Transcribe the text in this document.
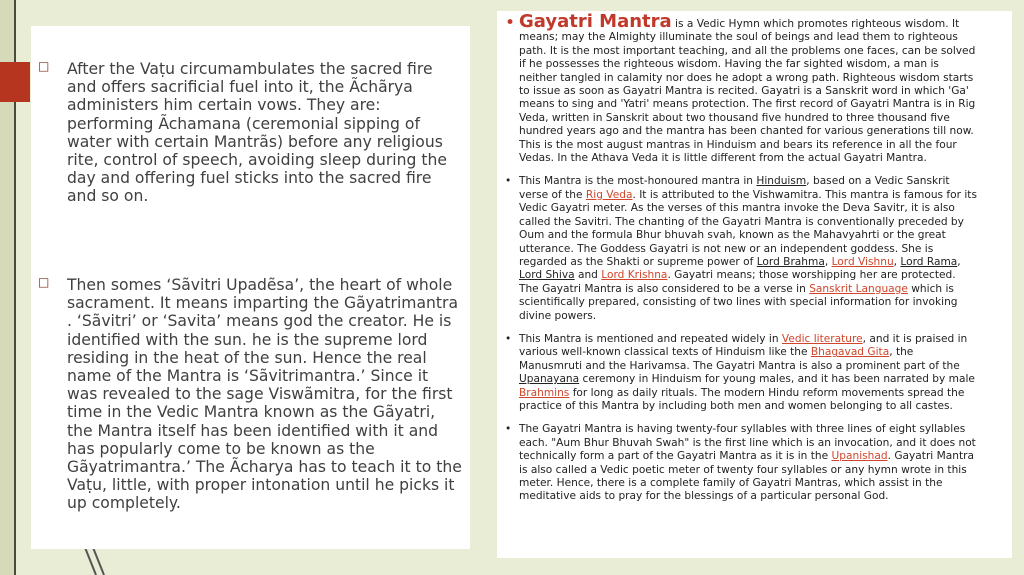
□ After the Vaṭu circumambulates the sacred fire and offers sacrificial fuel into it, the Ãchãrya administers him certain vows. They are: performing Ãchamana (ceremonial sipping of water with certain Mantrãs) before any religious rite, control of speech, avoiding sleep during the day and offering fuel sticks into the sacred fire and so on.
□ Then somes ‘Sãvitri Upadẽsa’, the heart of whole sacrament. It means imparting the Gãyatrimantra . ‘Sãvitri’ or ‘Savita’ means god the creator. He is identified with the sun. he is the supreme lord residing in the heat of the sun. Hence the real name of the Mantra is ‘Sãvitrimantra.’ Since it was revealed to the sage Viswãmitra, for the first time in the Vedic Mantra known as the Gãyatri, the Mantra itself has been identified with it and has popularly come to be known as the Gãyatrimantra.’ The Ãcharya has to teach it to the Vaṭu, little, with proper intonation until he picks it up completely.
• Gayatri Mantra is a Vedic Hymn which promotes righteous wisdom. It means; may the Almighty illuminate the soul of beings and lead them to righteous path. It is the most important teaching, and all the problems one faces, can be solved if he possesses the righteous wisdom. Having the far sighted wisdom, a man is neither tangled in calamity nor does he adopt a wrong path. Righteous wisdom starts to issue as soon as Gayatri Mantra is recited. Gayatri is a Sanskrit word in which 'Ga' means to sing and 'Yatri' means protection. The first record of Gayatri Mantra is in Rig Veda, written in Sanskrit about two thousand five hundred to three thousand five hundred years ago and the mantra has been chanted for various generations till now. This is the most august mantras in Hinduism and bears its reference in all the four Vedas. In the Athava Veda it is little different from the actual Gayatri Mantra.
• This Mantra is the most-honoured mantra in Hinduism, based on a Vedic Sanskrit verse of the Rig Veda. It is attributed to the Vishwamitra. This mantra is famous for its Vedic Gayatri meter. As the verses of this mantra invoke the Deva Savitr, it is also called the Savitri. The chanting of the Gayatri Mantra is conventionally preceded by Oum and the formula Bhur bhuvah svah, known as the Mahavyahrti or the great utterance. The Goddess Gayatri is not new or an independent goddess. She is regarded as the Shakti or supreme power of Lord Brahma, Lord Vishnu, Lord Rama, Lord Shiva and Lord Krishna. Gayatri means; those worshipping her are protected. The Gayatri Mantra is also considered to be a verse in Sanskrit Language which is scientifically prepared, consisting of two lines with special information for invoking divine powers.
• This Mantra is mentioned and repeated widely in Vedic literature, and it is praised in various well-known classical texts of Hinduism like the Bhagavad Gita, the Manusmruti and the Harivamsa. The Gayatri Mantra is also a prominent part of the Upanayana ceremony in Hinduism for young males, and it has been narrated by male Brahmins for long as daily rituals. The modern Hindu reform movements spread the practice of this Mantra by including both men and women belonging to all castes.
• The Gayatri Mantra is having twenty-four syllables with three lines of eight syllables each. "Aum Bhur Bhuvah Swah" is the first line which is an invocation, and it does not technically form a part of the Gayatri Mantra as it is in the Upanishad. Gayatri Mantra is also called a Vedic poetic meter of twenty four syllables or any hymn wrote in this meter. Hence, there is a complete family of Gayatri Mantras, which assist in the meditative aids to pray for the blessings of a particular personal God.
